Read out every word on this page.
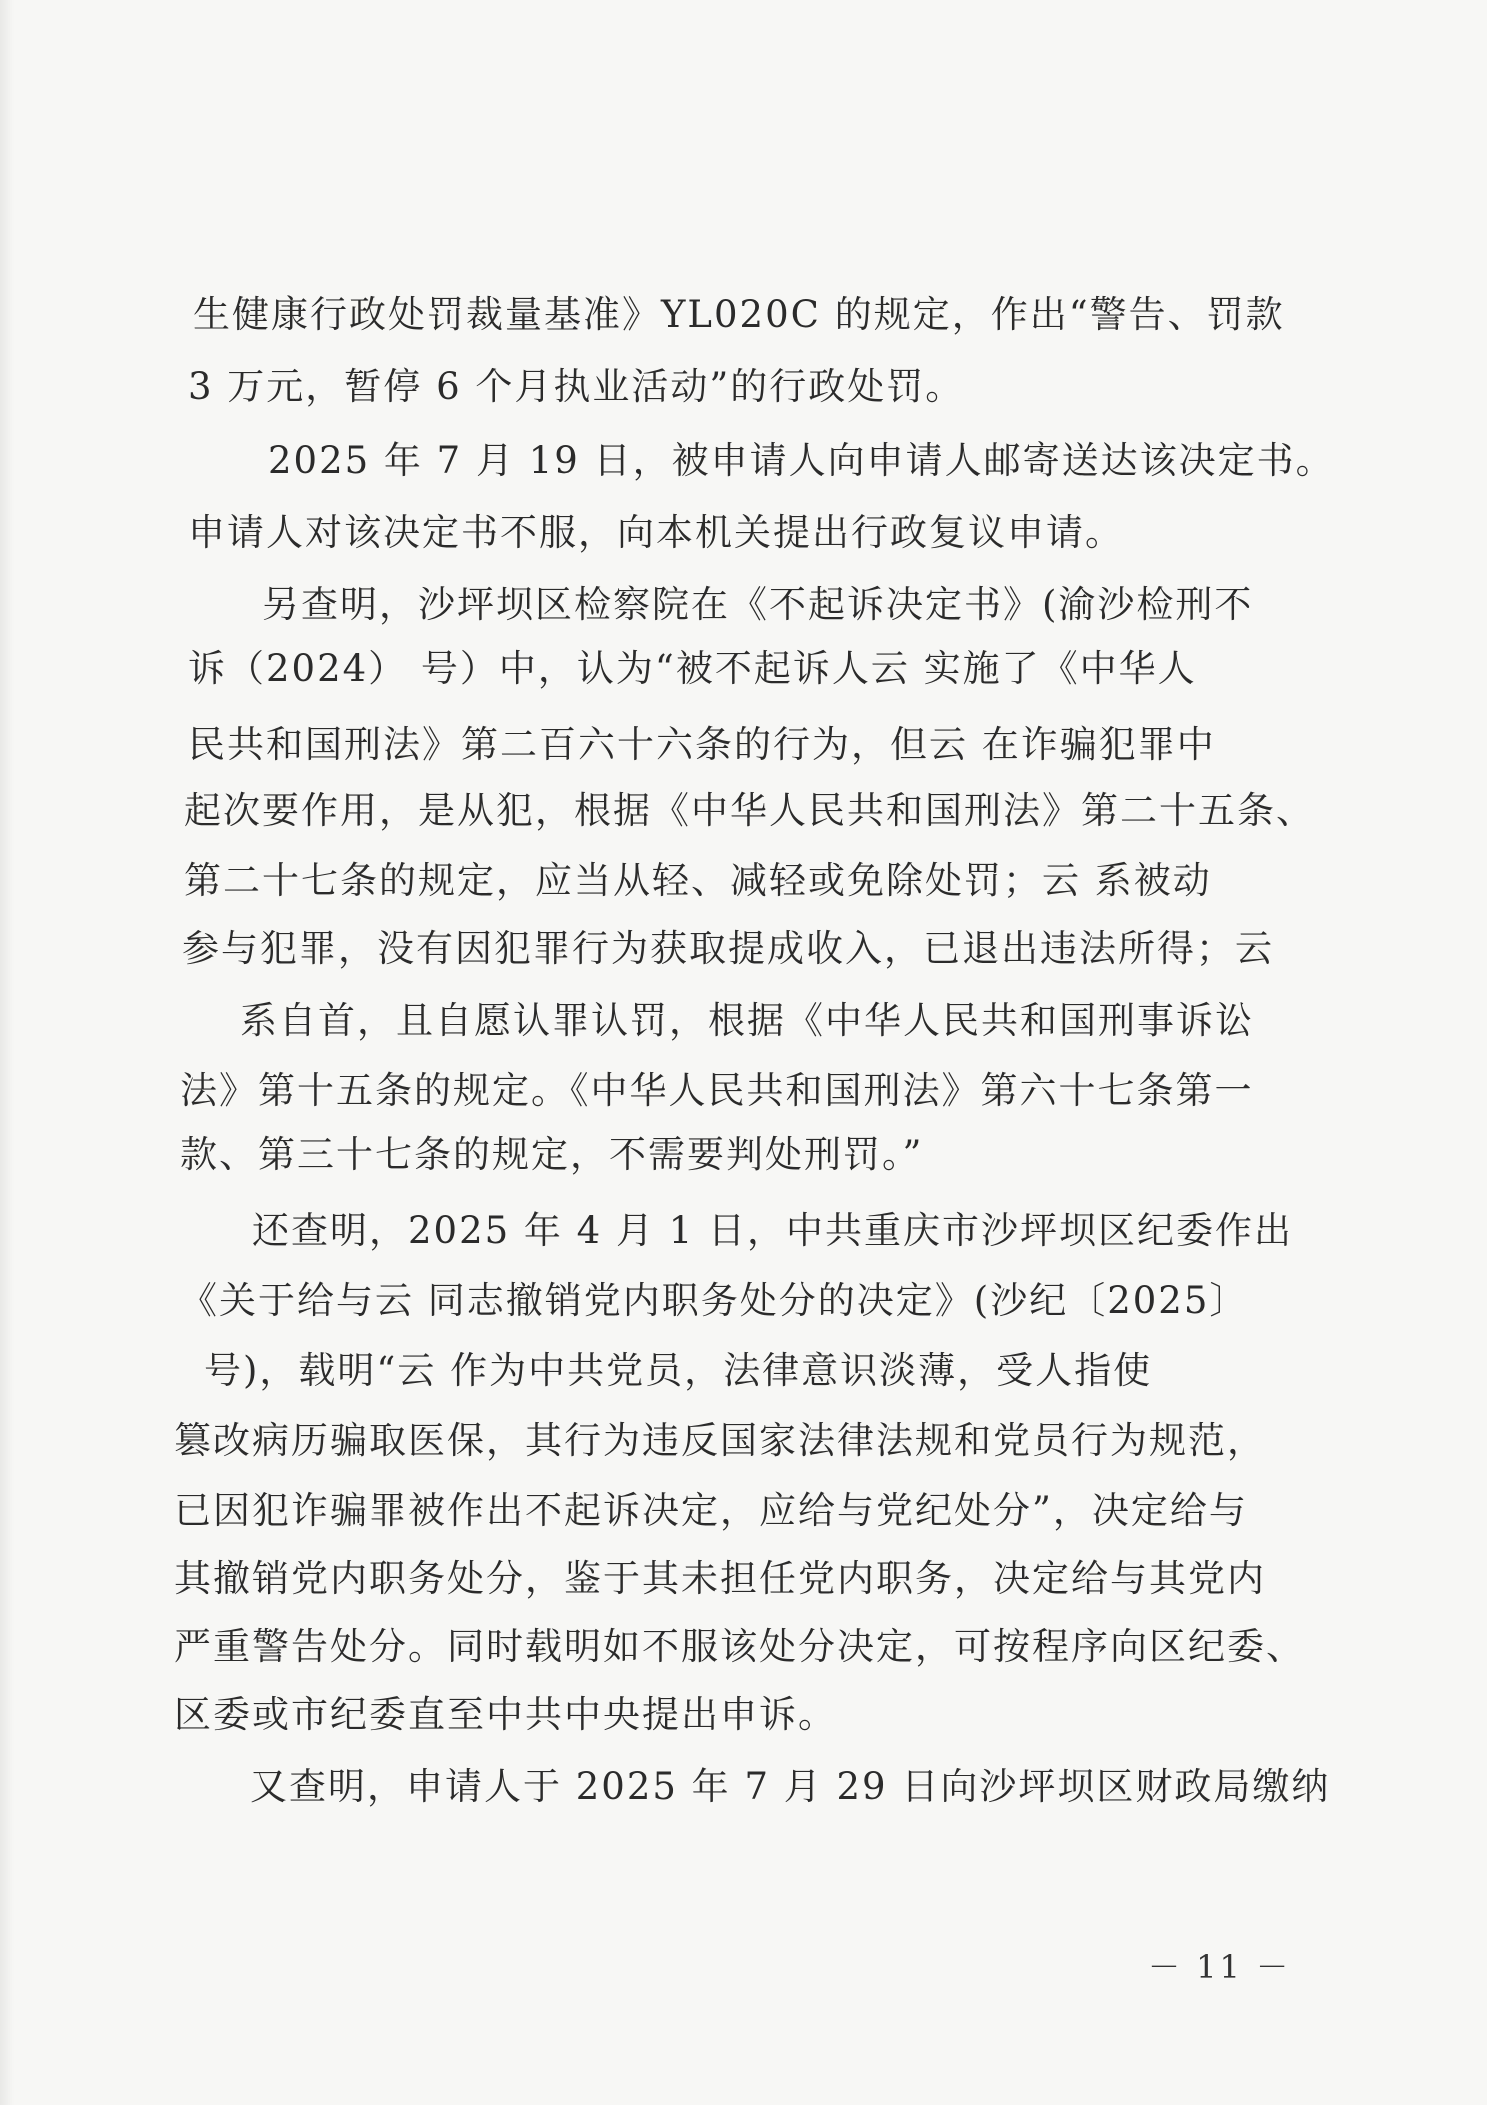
生健康行政处罚裁量基准》YL020C 的规定，作出“警告、罚款
3 万元，暂停 6 个月执业活动”的行政处罚。
2025 年 7 月 19 日，被申请人向申请人邮寄送达该决定书。
申请人对该决定书不服，向本机关提出行政复议申请。
另查明，沙坪坝区检察院在《不起诉决定书》(渝沙检刑不
诉（2024） 号）中，认为“被不起诉人云 实施了《中华人
民共和国刑法》第二百六十六条的行为，但云 在诈骗犯罪中
起次要作用，是从犯，根据《中华人民共和国刑法》第二十五条、
第二十七条的规定，应当从轻、减轻或免除处罚；云 系被动
参与犯罪，没有因犯罪行为获取提成收入，已退出违法所得；云
系自首，且自愿认罪认罚，根据《中华人民共和国刑事诉讼
法》第十五条的规定。《中华人民共和国刑法》第六十七条第一
款、第三十七条的规定，不需要判处刑罚。”
还查明，2025 年 4 月 1 日，中共重庆市沙坪坝区纪委作出
《关于给与云 同志撤销党内职务处分的决定》(沙纪〔2025〕
号)，载明“云 作为中共党员，法律意识淡薄，受人指使
篡改病历骗取医保，其行为违反国家法律法规和党员行为规范，
已因犯诈骗罪被作出不起诉决定，应给与党纪处分”，决定给与
其撤销党内职务处分，鉴于其未担任党内职务，决定给与其党内
严重警告处分。同时载明如不服该处分决定，可按程序向区纪委、
区委或市纪委直至中共中央提出申诉。
又查明，申请人于 2025 年 7 月 29 日向沙坪坝区财政局缴纳
－ 11 －
